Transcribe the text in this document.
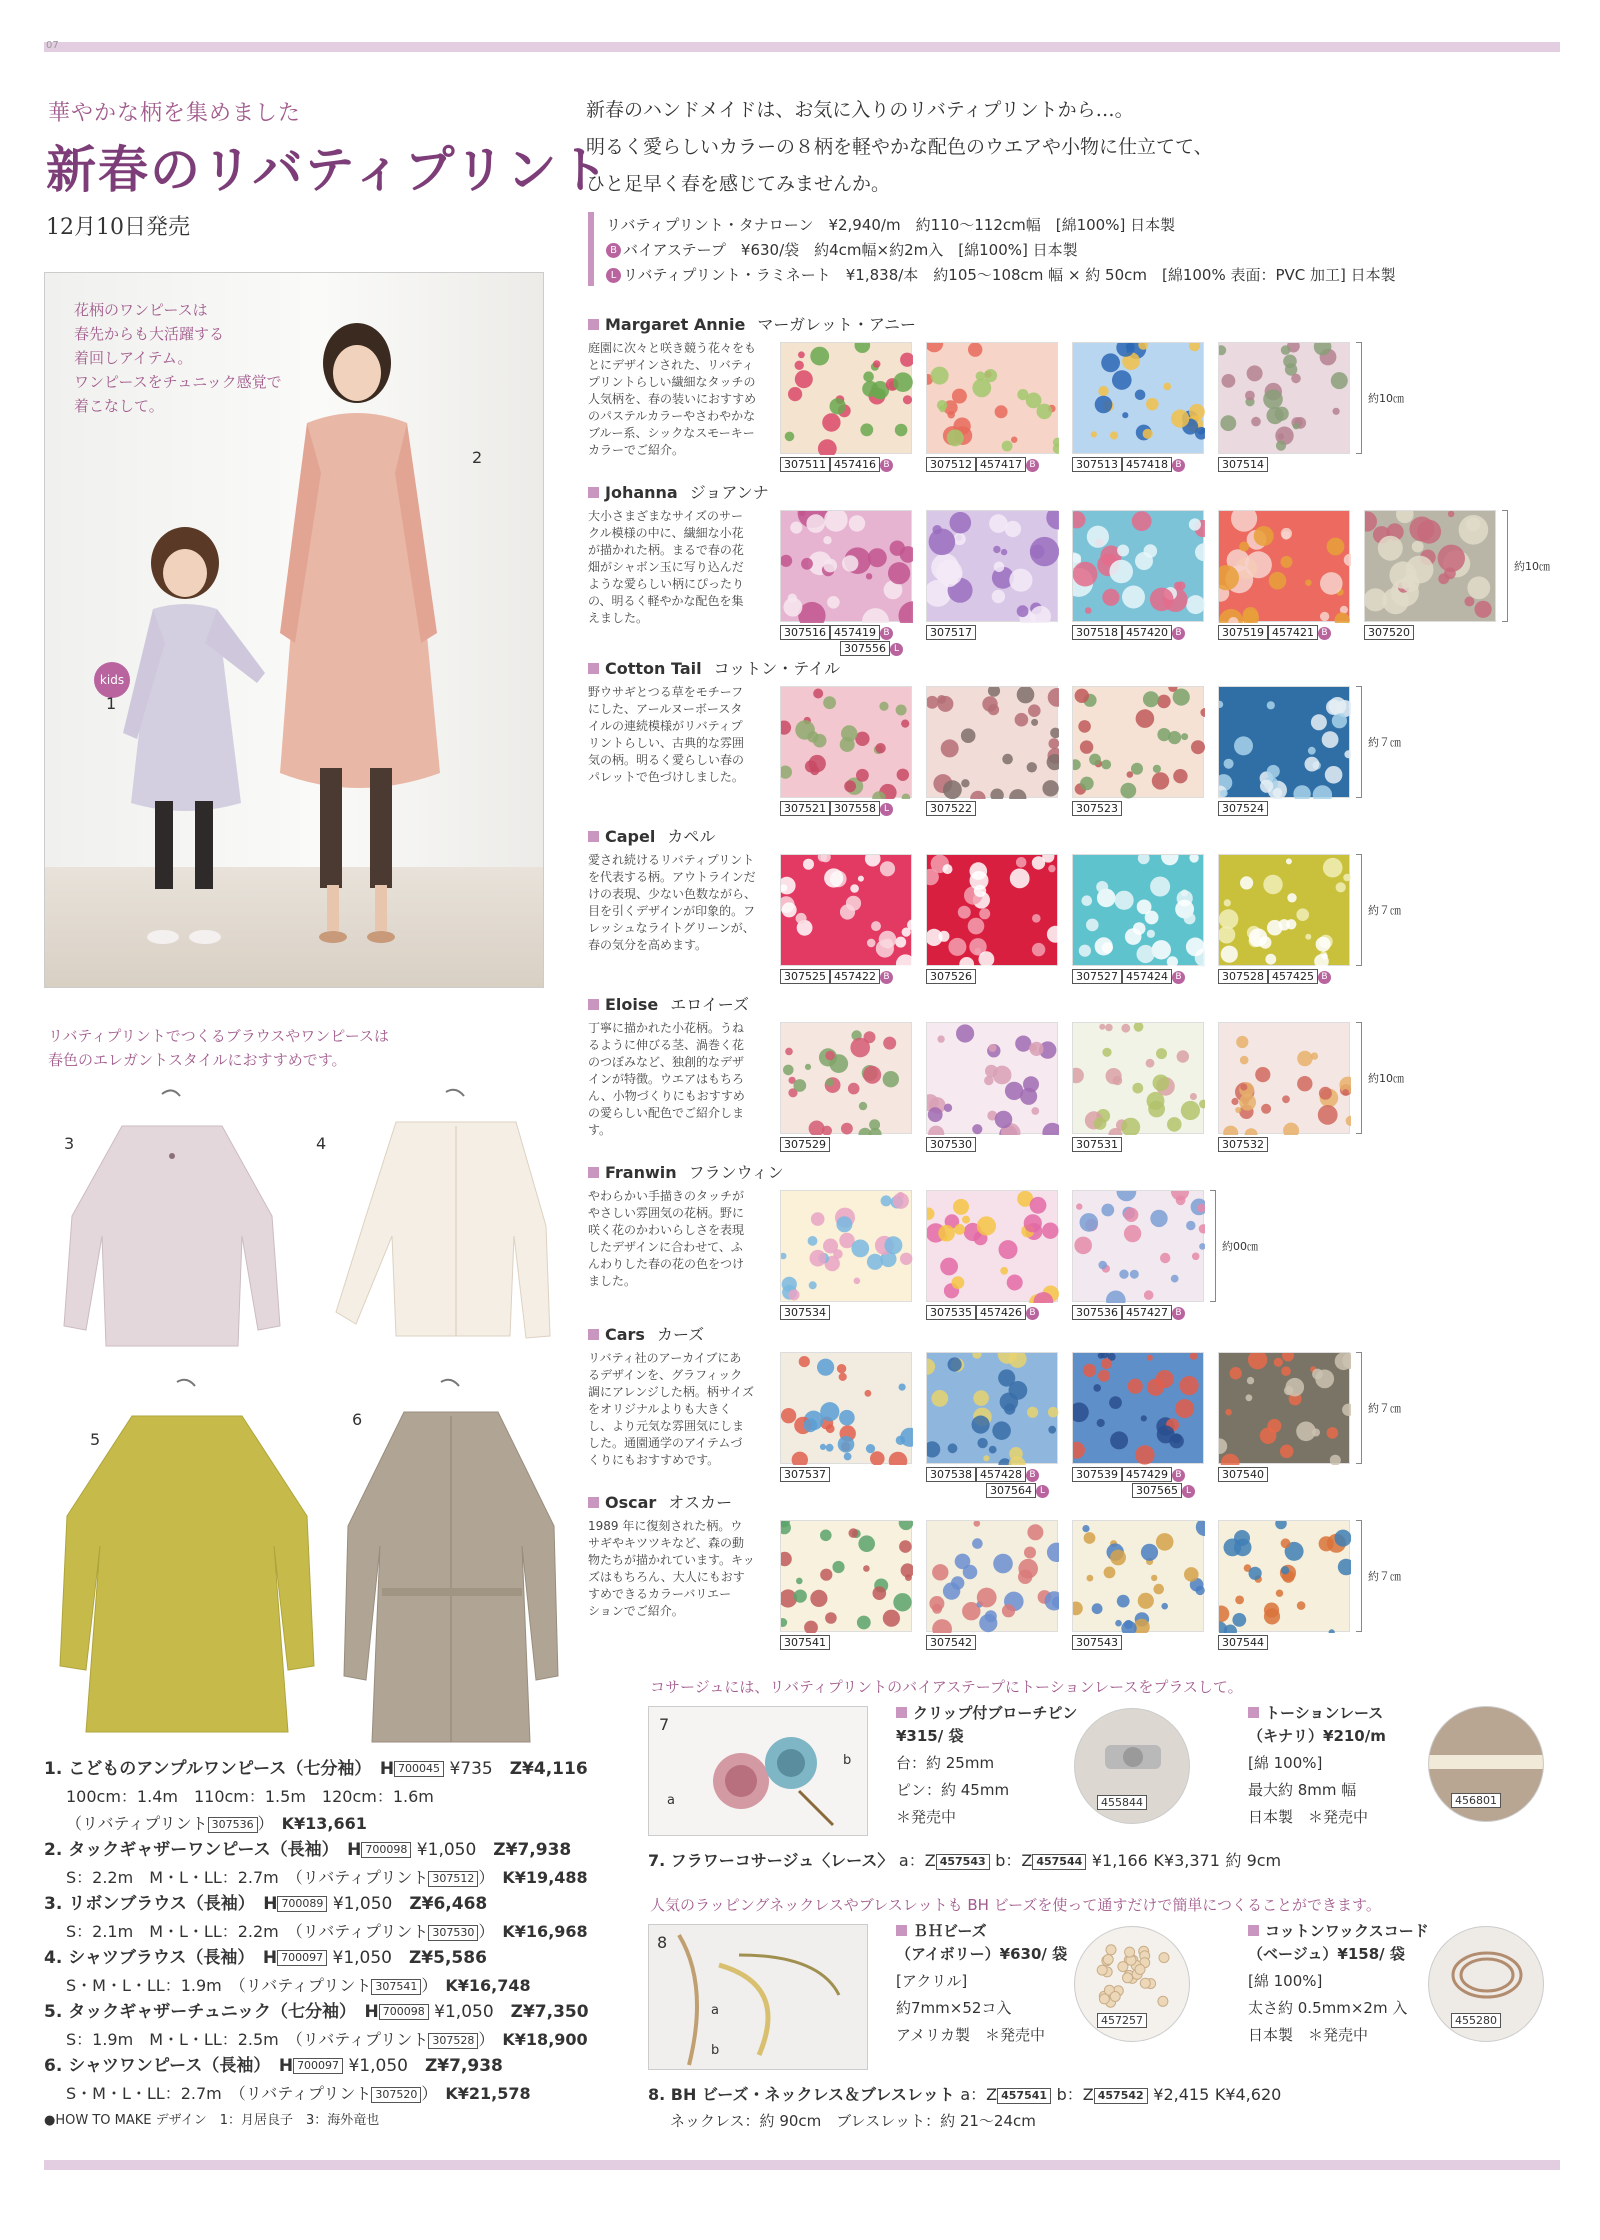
07
華やかな柄を集めました
新春のリバティプリント
12月10日発売
花柄のワンピースは
春先からも大活躍する
着回しアイテム。
ワンピースをチュニック感覚で
着こなして。
kids
1
2
リバティプリントでつくるブラウスやワンピースは
春色のエレガントスタイルにおすすめです。
3	4
5
6
新春のハンドメイドは、お気に入りのリバティプリントから…。
明るく愛らしいカラーの８柄を軽やかな配色のウエアや小物に仕立てて、
ひと足早く春を感じてみませんか。
リバティプリント・タナローン　¥2,940/m　約110〜112cm幅　[綿100%] 日本製
B バイアステープ　¥630/袋　約4cm幅×約2m入　[綿100%] 日本製
L リバティプリント・ラミネート　¥1,838/本　約105〜108cm 幅 × 約 50cm　[綿100% 表面：PVC 加工] 日本製
Margaret Annie マーガレット・アニー
庭園に次々と咲き競う花々をも
とにデザインされた、リバティ
プリントらしい繊細なタッチの
人気柄を、春の装いにおすすめ
のパステルカラーやさわやかな
ブルー系、シックなスモーキー
カラーでご紹介。
307511 457416 B	307512 457417 B	307513 457418 B	307514
約10㎝
Johanna ジョアンナ
大小さまざまなサイズのサー
クル模様の中に、繊細な小花
が描かれた柄。まるで春の花
畑がシャボン玉に写り込んだ
ような愛らしい柄にぴったり
の、明るく軽やかな配色を集
えました。
307516 457419 B
307556 L
307517	307518 457420 B	307519 457421 B	307520
約10㎝
Cotton Tail コットン・テイル
野ウサギとつる草をモチーフ
にした、アールヌーボースタ
イルの連続模様がリバティプ
リントらしい、古典的な雰囲
気の柄。明るく愛らしい春の
パレットで色づけしました。
307521 307558 L	307522	307523	307524
約７㎝
Capel カペル
愛され続けるリバティプリント
を代表する柄。アウトラインだ
けの表現、少ない色数ながら、
目を引くデザインが印象的。フ
レッシュなライトグリーンが、
春の気分を高めます。
307525 457422 B	307526	307527 457424 B	307528 457425 B
約７㎝
Eloise エロイーズ
丁寧に描かれた小花柄。うね
るように伸びる茎、渦巻く花
のつぼみなど、独創的なデザ
インが特徴。ウエアはもちろ
ん、小物づくりにもおすすめ
の愛らしい配色でご紹介しま
す。
307529	307530	307531	307532
約10㎝
Franwin フランウィン
やわらかい手描きのタッチが
やさしい雰囲気の花柄。野に
咲く花のかわいらしさを表現
したデザインに合わせて、ふ
んわりした春の花の色をつけ
ました。
307534	307535 457426 B	307536 457427 B
約00㎝
Cars カーズ
リバティ社のアーカイブにあ
るデザインを、グラフィック
調にアレンジした柄。柄サイズ
をオリジナルよりも大きく
し、より元気な雰囲気にしま
した。通園通学のアイテムづ
くりにもおすすめです。
307537	307538 457428 B
307564 L
307539 457429 B
307565 L
307540
約７㎝
Oscar オスカー
1989 年に復刻された柄。ウ
サギやキツツキなど、森の動
物たちが描かれています。キッ
ズはもちろん、大人にもおす
すめできるカラーバリエー
ションでご紹介。
307541	307542	307543	307544
約７㎝
1. こどものアンプルワンピース（七分袖）　H 700045 ¥735　Z¥4,116
100cm：1.4m　110cm：1.5m　120cm：1.6m
（リバティプリント 307536 ）　K¥13,661
2. タックギャザーワンピース（長袖）　H 700098 ¥1,050　Z¥7,938
S：2.2m　M・L・LL：2.7m　（リバティプリント 307512 ）　K¥19,488
3. リボンブラウス（長袖）　H 700089 ¥1,050　Z¥6,468
S：2.1m　M・L・LL：2.2m　（リバティプリント 307530 ）　K¥16,968
4. シャツブラウス（長袖）　H 700097 ¥1,050　Z¥5,586
S・M・L・LL：1.9m　（リバティプリント 307541 ）　K¥16,748
5. タックギャザーチュニック（七分袖）　H 700098 ¥1,050　Z¥7,350
S：1.9m　M・L・LL：2.5m　（リバティプリント 307528 ）　K¥18,900
6. シャツワンピース（長袖）　H 700097 ¥1,050　Z¥7,938
S・M・L・LL：2.7m　（リバティプリント 307520 ）　K¥21,578
●HOW TO MAKE デザイン　1：月居良子　3：海外竜也
コサージュには、リバティプリントのバイアステープにトーションレースをプラスして。
7
a
b
クリップ付ブローチピン
¥315/ 袋
台：約 25mm
ピン：約 45mm
＊発売中
455844
トーションレース
（キナリ）¥210/m
[綿 100%]
最大約 8mm 幅
日本製　＊発売中
456801
7. フラワーコサージュ〈レース〉 a：Z 457543 b：Z 457544 ¥1,166 K¥3,371 約 9cm
人気のラッピングネックレスやブレスレットも BH ビーズを使って通すだけで簡単につくることができます。
8
a
b
ＢＨビーズ
（アイボリー）¥630/ 袋
[アクリル]
約7mm×52コ入
アメリカ製　＊発売中
457257
コットンワックスコード
（ベージュ）¥158/ 袋
[綿 100%]
太さ約 0.5mm×2m 入
日本製　＊発売中
455280
8. BH ビーズ・ネックレス＆ブレスレット a：Z 457541 b：Z 457542 ¥2,415 K¥4,620
ネックレス：約 90cm　ブレスレット：約 21〜24cm
